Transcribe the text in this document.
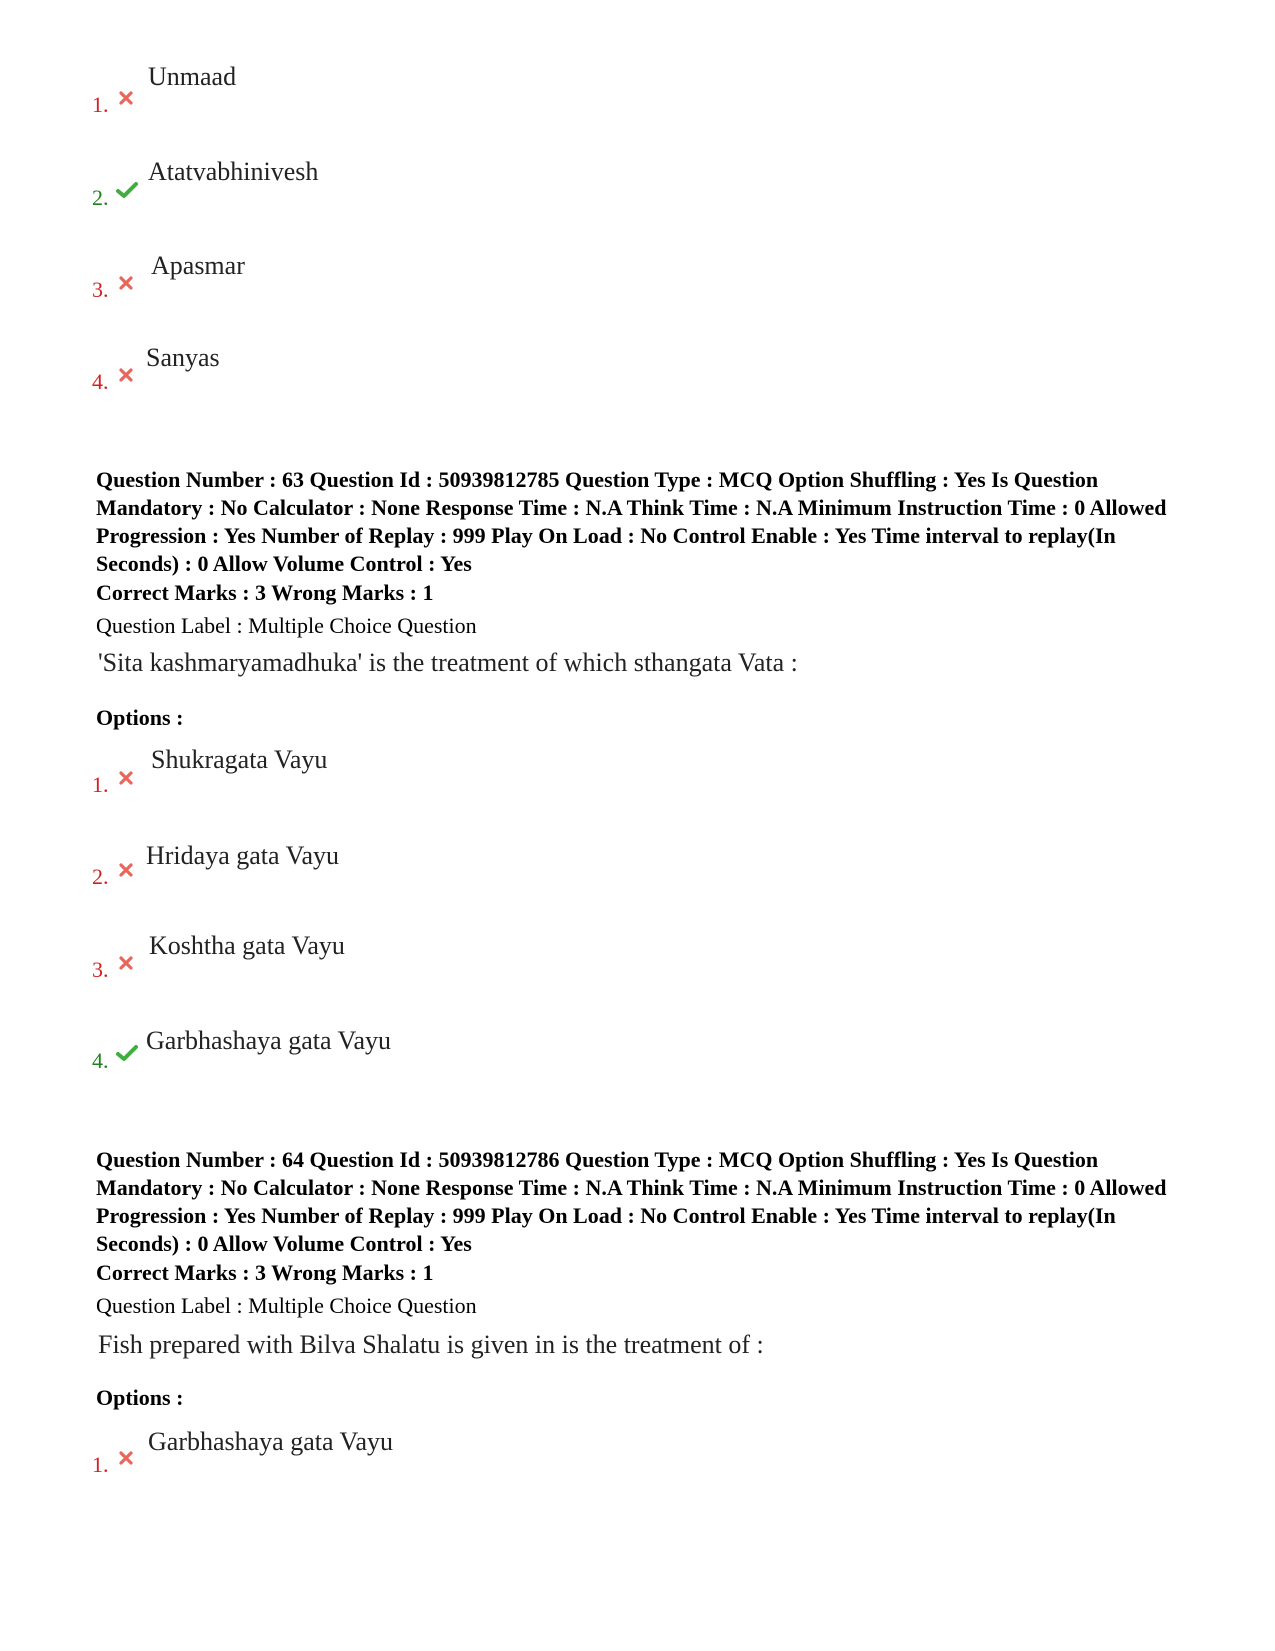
1.
Unmaad
2.
Atatvabhinivesh
3.
Apasmar
4.
Sanyas

Question Number : 63 Question Id : 50939812785 Question Type : MCQ Option Shuffling : Yes Is Question Mandatory : No Calculator : None Response Time : N.A Think Time : N.A Minimum Instruction Time : 0 Allowed Progression : Yes Number of Replay : 999 Play On Load : No Control Enable : Yes Time interval to replay(In Seconds) : 0 Allow Volume Control : Yes

Correct Marks : 3 Wrong Marks : 1

Question Label : Multiple Choice Question

'Sita kashmaryamadhuka' is the treatment of which sthangata Vata :

Options :

1.
Shukragata Vayu
2.
Hridaya gata Vayu
3.
Koshtha gata Vayu
4.
Garbhashaya gata Vayu

Question Number : 64 Question Id : 50939812786 Question Type : MCQ Option Shuffling : Yes Is Question Mandatory : No Calculator : None Response Time : N.A Think Time : N.A Minimum Instruction Time : 0 Allowed Progression : Yes Number of Replay : 999 Play On Load : No Control Enable : Yes Time interval to replay(In Seconds) : 0 Allow Volume Control : Yes

Correct Marks : 3 Wrong Marks : 1

Question Label : Multiple Choice Question

Fish prepared with Bilva Shalatu is given in is the treatment of :

Options :

1.
Garbhashaya gata Vayu
